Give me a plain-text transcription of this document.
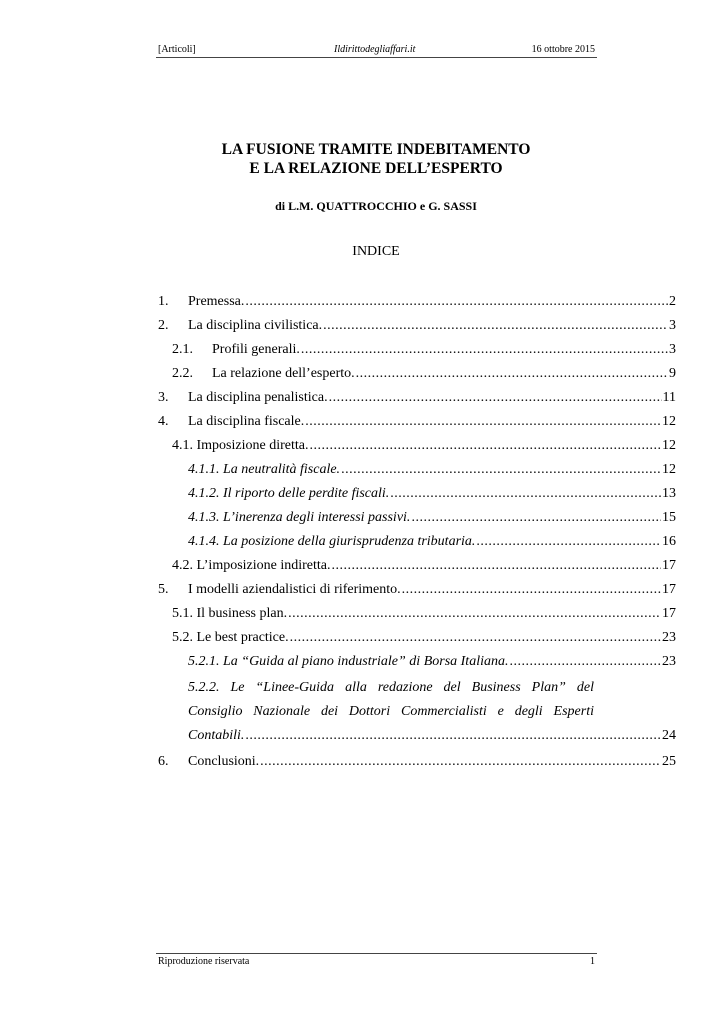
[Articoli]	Ildirittodegliaffari.it	16 ottobre 2015
LA FUSIONE TRAMITE INDEBITAMENTO
E LA RELAZIONE DELL’ESPERTO
di L.M. QUATTROCCHIO e G. SASSI
INDICE
1.	Premessa. .....	2
2.	La disciplina civilistica. .....	3
2.1.	Profili generali. .....	3
2.2.	La relazione dell’esperto. .....	9
3.	La disciplina penalistica. .....	11
4.	La disciplina fiscale. .....	12
4.1. Imposizione diretta. .....	12
4.1.1. La neutralità fiscale. .....	12
4.1.2. Il riporto delle perdite fiscali. .....	13
4.1.3. L’inerenza degli interessi passivi. .....	15
4.1.4. La posizione della giurisprudenza tributaria. .....	16
4.2. L’imposizione indiretta. .....	17
5.	I modelli aziendalistici di riferimento. .....	17
5.1. Il business plan. .....	17
5.2. Le best practice. .....	23
5.2.1. La “Guida al piano industriale” di Borsa Italiana. .....	23
5.2.2. Le “Linee-Guida alla redazione del Business Plan” del
Consiglio Nazionale dei Dottori Commercialisti e degli Esperti
Contabili. .....	24
6.	Conclusioni. .....	25
Riproduzione riservata	1
